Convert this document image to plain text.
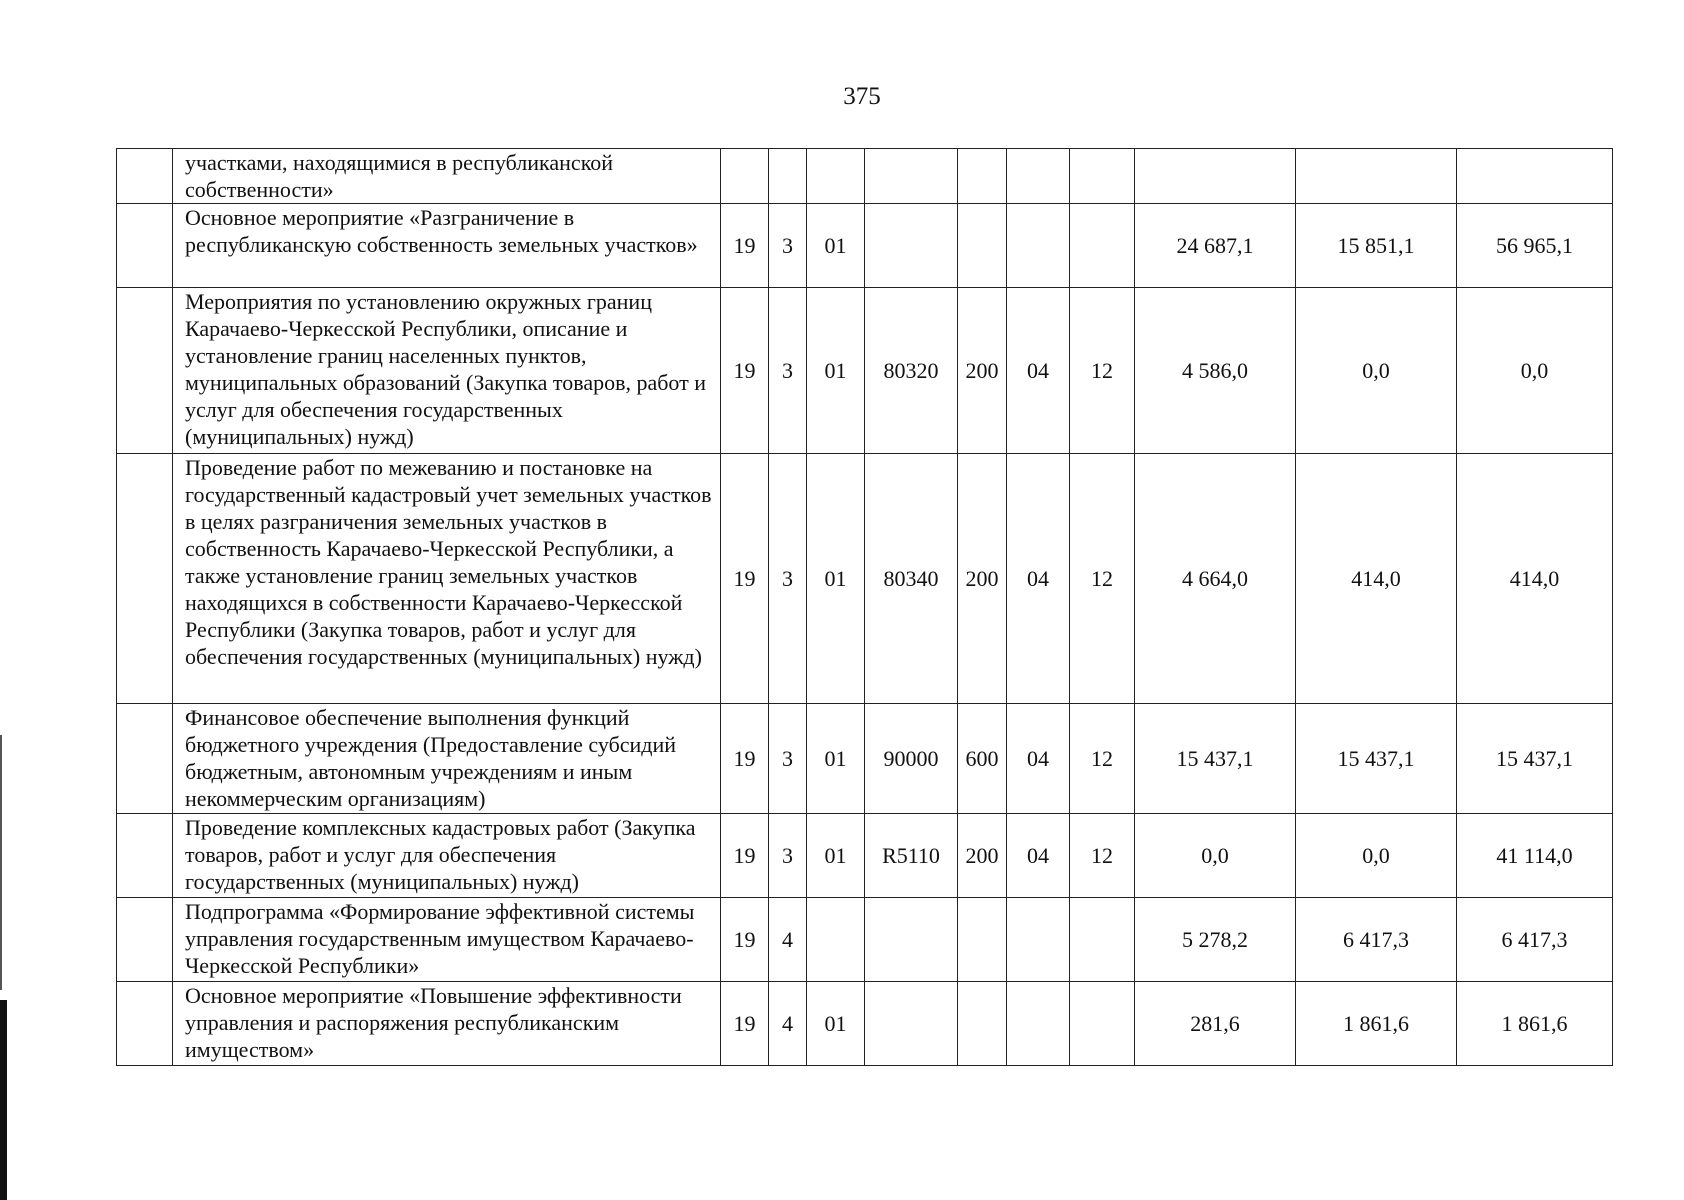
375
	участками, находящимися в республиканской собственности»										
	Основное мероприятие «Разграничение в республиканскую собственность земельных участков»	19	3	01					24 687,1	15 851,1	56 965,1
	Мероприятия по установлению окружных границ Карачаево-Черкесской Республики, описание и установление границ населенных пунктов, муниципальных образований (Закупка товаров, работ и услуг для обеспечения государственных (муниципальных) нужд)	19	3	01	80320	200	04	12	4 586,0	0,0	0,0
	Проведение работ по межеванию и постановке на государственный кадастровый учет земельных участков в целях разграничения земельных участков в собственность Карачаево-Черкесской Республики, а также установление границ земельных участков находящихся в собственности Карачаево-Черкесской Республики (Закупка товаров, работ и услуг для обеспечения государственных (муниципальных) нужд)	19	3	01	80340	200	04	12	4 664,0	414,0	414,0
	Финансовое обеспечение выполнения функций бюджетного учреждения (Предоставление субсидий бюджетным, автономным учреждениям и иным некоммерческим организациям)	19	3	01	90000	600	04	12	15 437,1	15 437,1	15 437,1
	Проведение комплексных кадастровых работ (Закупка товаров, работ и услуг для обеспечения государственных (муниципальных) нужд)	19	3	01	R5110	200	04	12	0,0	0,0	41 114,0
	Подпрограмма «Формирование эффективной системы управления государственным имуществом Карачаево-Черкесской Республики»	19	4						5 278,2	6 417,3	6 417,3
	Основное мероприятие «Повышение эффективности управления и распоряжения республиканским имуществом»	19	4	01					281,6	1 861,6	1 861,6
